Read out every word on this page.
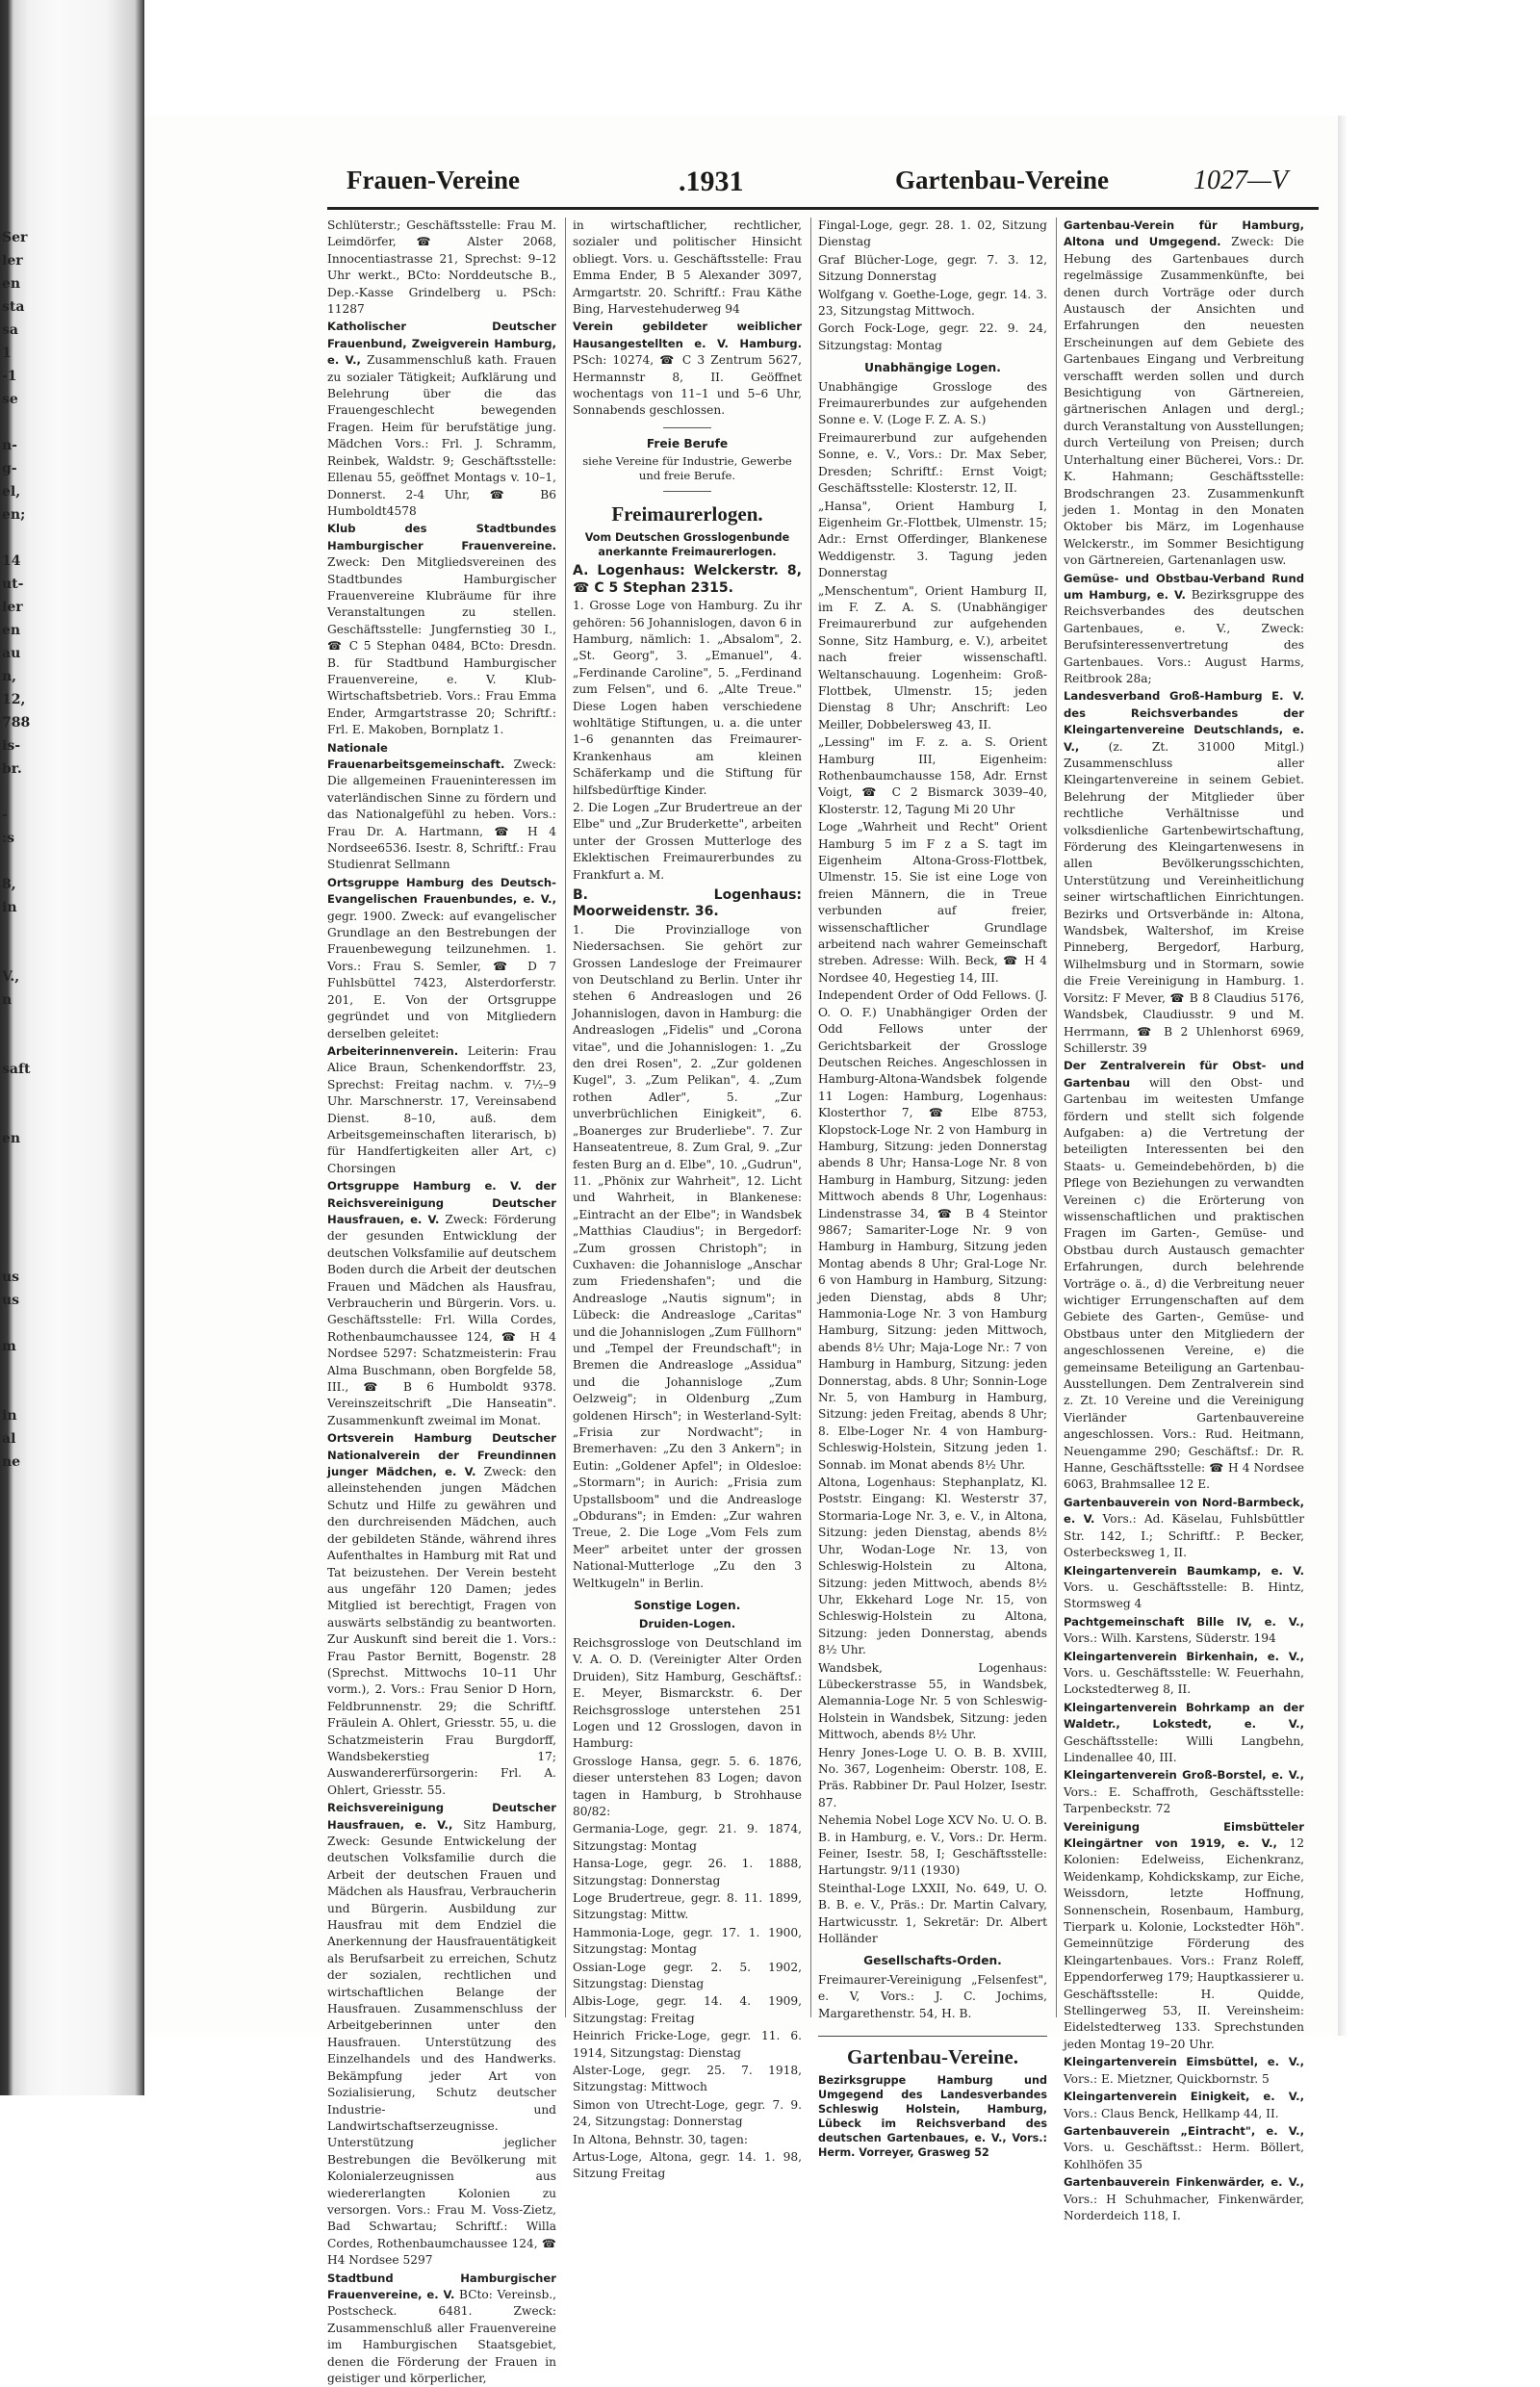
Ser
ler
en
sta
sa
1
-1
se

n-
g-
el,
en;

14
ut-
ler
en
au
n,
12,
788
is-
br.

-
:s

8,
in

V.,
n

saft

en

us
us

m

in
al
ne

Frauen-Vereine	.1931	Gartenbau-Vereine	1027—V

Schlüterstr.; Geschäftsstelle: Frau M. Leimdörfer, ☎ Alster 2068, Innocentiastrasse 21, Sprechst: 9–12 Uhr werkt., BCto: Norddeutsche B., Dep.-Kasse Grindelberg u. PSch: 11287

Katholischer Deutscher Frauenbund, Zweigverein Hamburg, e. V., Zusammenschluß kath. Frauen zu sozialer Tätigkeit; Aufklärung und Belehrung über die das Frauengeschlecht bewegenden Fragen. Heim für berufstätige jung. Mädchen Vors.: Frl. J. Schramm, Reinbek, Waldstr. 9; Geschäftsstelle: Ellenau 55, geöffnet Montags v. 10–1, Donnerst. 2-4 Uhr, ☎ B6 Humboldt4578

Klub des Stadtbundes Hamburgischer Frauenvereine. Zweck: Den Mitgliedsvereinen des Stadtbundes Hamburgischer Frauenvereine Klubräume für ihre Veranstaltungen zu stellen. Geschäftsstelle: Jungfernstieg 30 I., ☎ C 5 Stephan 0484, BCto: Dresdn. B. für Stadtbund Hamburgischer Frauenvereine, e. V. Klub-Wirtschaftsbetrieb. Vors.: Frau Emma Ender, Armgartstrasse 20; Schriftf.: Frl. E. Makoben, Bornplatz 1.

Nationale Frauenarbeitsgemeinschaft. Zweck: Die allgemeinen Fraueninteressen im vaterländischen Sinne zu fördern und das Nationalgefühl zu heben. Vors.: Frau Dr. A. Hartmann, ☎ H 4 Nordsee6536. Isestr. 8, Schriftf.: Frau Studienrat Sellmann

Ortsgruppe Hamburg des Deutsch-Evangelischen Frauenbundes, e. V., gegr. 1900. Zweck: auf evangelischer Grundlage an den Bestrebungen der Frauenbewegung teilzunehmen. 1. Vors.: Frau S. Semler, ☎ D 7 Fuhlsbüttel 7423, Alsterdorferstr. 201, E. Von der Ortsgruppe gegründet und von Mitgliedern derselben geleitet:

Arbeiterinnenverein. Leiterin: Frau Alice Braun, Schenkendorffstr. 23, Sprechst: Freitag nachm. v. 7½–9 Uhr. Marschnerstr. 17, Vereinsabend Dienst. 8–10, auß. dem Arbeitsgemeinschaften literarisch, b) für Handfertigkeiten aller Art, c) Chorsingen

Ortsgruppe Hamburg e. V. der Reichsvereinigung Deutscher Hausfrauen, e. V. Zweck: Förderung der gesunden Entwicklung der deutschen Volksfamilie auf deutschem Boden durch die Arbeit der deutschen Frauen und Mädchen als Hausfrau, Verbraucherin und Bürgerin. Vors. u. Geschäftsstelle: Frl. Willa Cordes, Rothenbaumchaussee 124, ☎ H 4 Nordsee 5297: Schatzmeisterin: Frau Alma Buschmann, oben Borgfelde 58, III., ☎ B 6 Humboldt 9378. Vereinszeitschrift „Die Hanseatin". Zusammenkunft zweimal im Monat.

Ortsverein Hamburg Deutscher Nationalverein der Freundinnen junger Mädchen, e. V. Zweck: den alleinstehenden jungen Mädchen Schutz und Hilfe zu gewähren und den durchreisenden Mädchen, auch der gebildeten Stände, während ihres Aufenthaltes in Hamburg mit Rat und Tat beizustehen. Der Verein besteht aus ungefähr 120 Damen; jedes Mitglied ist berechtigt, Fragen von auswärts selbständig zu beantworten. Zur Auskunft sind bereit die 1. Vors.: Frau Pastor Bernitt, Bogenstr. 28 (Sprechst. Mittwochs 10–11 Uhr vorm.), 2. Vors.: Frau Senior D Horn, Feldbrunnenstr. 29; die Schriftf. Fräulein A. Ohlert, Griesstr. 55, u. die Schatzmeisterin Frau Burgdorff, Wandsbekerstieg 17; Auswandererfürsorgerin: Frl. A. Ohlert, Griesstr. 55.

Reichsvereinigung Deutscher Hausfrauen, e. V., Sitz Hamburg, Zweck: Gesunde Entwickelung der deutschen Volksfamilie durch die Arbeit der deutschen Frauen und Mädchen als Hausfrau, Verbraucherin und Bürgerin. Ausbildung zur Hausfrau mit dem Endziel die Anerkennung der Hausfrauentätigkeit als Berufsarbeit zu erreichen, Schutz der sozialen, rechtlichen und wirtschaftlichen Belange der Hausfrauen. Zusammenschluss der Arbeitgeberinnen unter den Hausfrauen. Unterstützung des Einzelhandels und des Handwerks. Bekämpfung jeder Art von Sozialisierung, Schutz deutscher Industrie- und Landwirtschaftserzeugnisse. Unterstützung jeglicher Bestrebungen die Bevölkerung mit Kolonialerzeugnissen aus wiedererlangten Kolonien zu versorgen. Vors.: Frau M. Voss-Zietz, Bad Schwartau; Schriftf.: Willa Cordes, Rothenbaumchaussee 124, ☎ H4 Nordsee 5297

Stadtbund Hamburgischer Frauenvereine, e. V. BCto: Vereinsb., Postscheck. 6481. Zweck: Zusammenschluß aller Frauenvereine im Hamburgischen Staatsgebiet, denen die Förderung der Frauen in geistiger und körperlicher,

in wirtschaftlicher, rechtlicher, sozialer und politischer Hinsicht obliegt. Vors. u. Geschäftsstelle: Frau Emma Ender, B 5 Alexander 3097, Armgartstr. 20. Schriftf.: Frau Käthe Bing, Harvestehuderweg 94

Verein gebildeter weiblicher Hausangestellten e. V. Hamburg. PSch: 10274, ☎ C 3 Zentrum 5627, Hermannstr 8, II. Geöffnet wochentags von 11–1 und 5–6 Uhr, Sonnabends geschlossen.

Freie Berufe
siehe Vereine für Industrie, Gewerbe und freie Berufe.
Freimaurerlogen.
Vom Deutschen Grosslogenbunde anerkannte Freimaurerlogen.

A. Logenhaus: Welckerstr. 8, ☎ C 5 Stephan 2315.

1. Grosse Loge von Hamburg. Zu ihr gehören: 56 Johannislogen, davon 6 in Hamburg, nämlich: 1. „Absalom", 2. „St. Georg", 3. „Emanuel", 4. „Ferdinande Caroline", 5. „Ferdinand zum Felsen", und 6. „Alte Treue." Diese Logen haben verschiedene wohltätige Stiftungen, u. a. die unter 1–6 genannten das Freimaurer-Krankenhaus am kleinen Schäferkamp und die Stiftung für hilfsbedürftige Kinder.

2. Die Logen „Zur Brudertreue an der Elbe" und „Zur Bruderkette", arbeiten unter der Grossen Mutterloge des Eklektischen Freimaurerbundes zu Frankfurt a. M.

B. Logenhaus: Moorweidenstr. 36.

1. Die Provinzialloge von Niedersachsen. Sie gehört zur Grossen Landesloge der Freimaurer von Deutschland zu Berlin. Unter ihr stehen 6 Andreaslogen und 26 Johannislogen, davon in Hamburg: die Andreaslogen „Fidelis" und „Corona vitae", und die Johannislogen: 1. „Zu den drei Rosen", 2. „Zur goldenen Kugel", 3. „Zum Pelikan", 4. „Zum rothen Adler", 5. „Zur unverbrüchlichen Einigkeit", 6. „Boanerges zur Bruderliebe". 7. Zur Hanseatentreue, 8. Zum Gral, 9. „Zur festen Burg an d. Elbe", 10. „Gudrun", 11. „Phönix zur Wahrheit", 12. Licht und Wahrheit, in Blankenese: „Eintracht an der Elbe"; in Wandsbek „Matthias Claudius"; in Bergedorf: „Zum grossen Christoph"; in Cuxhaven: die Johannisloge „Anschar zum Friedenshafen"; und die Andreasloge „Nautis signum"; in Lübeck: die Andreasloge „Caritas" und die Johannislogen „Zum Füllhorn" und „Tempel der Freundschaft"; in Bremen die Andreasloge „Assidua" und die Johannisloge „Zum Oelzweig"; in Oldenburg „Zum goldenen Hirsch"; in Westerland-Sylt: „Frisia zur Nordwacht"; in Bremerhaven: „Zu den 3 Ankern"; in Eutin: „Goldener Apfel"; in Oldesloe: „Stormarn"; in Aurich: „Frisia zum Upstallsboom" und die Andreasloge „Obdurans"; in Emden: „Zur wahren Treue, 2. Die Loge „Vom Fels zum Meer" arbeitet unter der grossen National-Mutterloge „Zu den 3 Weltkugeln" in Berlin.

Sonstige Logen.
Druiden-Logen.

Reichsgrossloge von Deutschland im V. A. O. D. (Vereinigter Alter Orden Druiden), Sitz Hamburg, Geschäftsf.: E. Meyer, Bismarckstr. 6. Der Reichsgrossloge unterstehen 251 Logen und 12 Grosslogen, davon in Hamburg:

Grossloge Hansa, gegr. 5. 6. 1876, dieser unterstehen 83 Logen; davon tagen in Hamburg, b Strohhause 80/82:

Germania-Loge, gegr. 21. 9. 1874, Sitzungstag: Montag

Hansa-Loge, gegr. 26. 1. 1888, Sitzungstag: Donnerstag

Loge Brudertreue, gegr. 8. 11. 1899, Sitzungstag: Mittw.

Hammonia-Loge, gegr. 17. 1. 1900, Sitzungstag: Montag

Ossian-Loge gegr. 2. 5. 1902, Sitzungstag: Dienstag

Albis-Loge, gegr. 14. 4. 1909, Sitzungstag: Freitag

Heinrich Fricke-Loge, gegr. 11. 6. 1914, Sitzungstag: Dienstag

Alster-Loge, gegr. 25. 7. 1918, Sitzungstag: Mittwoch

Simon von Utrecht-Loge, gegr. 7. 9. 24, Sitzungstag: Donnerstag

In Altona, Behnstr. 30, tagen:

Artus-Loge, Altona, gegr. 14. 1. 98, Sitzung Freitag

Fingal-Loge, gegr. 28. 1. 02, Sitzung Dienstag

Graf Blücher-Loge, gegr. 7. 3. 12, Sitzung Donnerstag

Wolfgang v. Goethe-Loge, gegr. 14. 3. 23, Sitzungstag Mittwoch.

Gorch Fock-Loge, gegr. 22. 9. 24, Sitzungstag: Montag

Unabhängige Logen.

Unabhängige Grossloge des Freimaurerbundes zur aufgehenden Sonne e. V. (Loge F. Z. A. S.)

Freimaurerbund zur aufgehenden Sonne, e. V., Vors.: Dr. Max Seber, Dresden; Schriftf.: Ernst Voigt; Geschäftsstelle: Klosterstr. 12, II.

„Hansa", Orient Hamburg I, Eigenheim Gr.-Flottbek, Ulmenstr. 15; Adr.: Ernst Offerdinger, Blankenese Weddigenstr. 3. Tagung jeden Donnerstag

„Menschentum", Orient Hamburg II, im F. Z. A. S. (Unabhängiger Freimaurerbund zur aufgehenden Sonne, Sitz Hamburg, e. V.), arbeitet nach freier wissenschaftl. Weltanschauung. Logenheim: Groß-Flottbek, Ulmenstr. 15; jeden Dienstag 8 Uhr; Anschrift: Leo Meiller, Dobbelersweg 43, II.

„Lessing" im F. z. a. S. Orient Hamburg III, Eigenheim: Rothenbaumchausse 158, Adr. Ernst Voigt, ☎ C 2 Bismarck 3039–40, Klosterstr. 12, Tagung Mi 20 Uhr

Loge „Wahrheit und Recht" Orient Hamburg 5 im F z a S. tagt im Eigenheim Altona-Gross-Flottbek, Ulmenstr. 15. Sie ist eine Loge von freien Männern, die in Treue verbunden auf freier, wissenschaftlicher Grundlage arbeitend nach wahrer Gemeinschaft streben. Adresse: Wilh. Beck, ☎ H 4 Nordsee 40, Hegestieg 14, III.

Independent Order of Odd Fellows. (J. O. O. F.) Unabhängiger Orden der Odd Fellows unter der Gerichtsbarkeit der Grossloge Deutschen Reiches. Angeschlossen in Hamburg-Altona-Wandsbek folgende 11 Logen: Hamburg, Logenhaus: Klosterthor 7, ☎ Elbe 8753, Klopstock-Loge Nr. 2 von Hamburg in Hamburg, Sitzung: jeden Donnerstag abends 8 Uhr; Hansa-Loge Nr. 8 von Hamburg in Hamburg, Sitzung: jeden Mittwoch abends 8 Uhr, Logenhaus: Lindenstrasse 34, ☎ B 4 Steintor 9867; Samariter-Loge Nr. 9 von Hamburg in Hamburg, Sitzung jeden Montag abends 8 Uhr; Gral-Loge Nr. 6 von Hamburg in Hamburg, Sitzung: jeden Dienstag, abds 8 Uhr; Hammonia-Loge Nr. 3 von Hamburg Hamburg, Sitzung: jeden Mittwoch, abends 8½ Uhr; Maja-Loge Nr.: 7 von Hamburg in Hamburg, Sitzung: jeden Donnerstag, abds. 8 Uhr; Sonnin-Loge Nr. 5, von Hamburg in Hamburg, Sitzung: jeden Freitag, abends 8 Uhr; 8. Elbe-Loger Nr. 4 von Hamburg-Schleswig-Holstein, Sitzung jeden 1. Sonnab. im Monat abends 8½ Uhr.

Altona, Logenhaus: Stephanplatz, Kl. Poststr. Eingang: Kl. Westerstr 37, Stormaria-Loge Nr. 3, e. V., in Altona, Sitzung: jeden Dienstag, abends 8½ Uhr, Wodan-Loge Nr. 13, von Schleswig-Holstein zu Altona, Sitzung: jeden Mittwoch, abends 8½ Uhr, Ekkehard Loge Nr. 15, von Schleswig-Holstein zu Altona, Sitzung: jeden Donnerstag, abends 8½ Uhr.

Wandsbek, Logenhaus: Lübeckerstrasse 55, in Wandsbek, Alemannia-Loge Nr. 5 von Schleswig-Holstein in Wandsbek, Sitzung: jeden Mittwoch, abends 8½ Uhr.

Henry Jones-Loge U. O. B. B. XVIII, No. 367, Logenheim: Oberstr. 108, E. Präs. Rabbiner Dr. Paul Holzer, Isestr. 87.

Nehemia Nobel Loge XCV No. U. O. B. B. in Hamburg, e. V., Vors.: Dr. Herm. Feiner, Isestr. 58, I; Geschäftsstelle: Hartungstr. 9/11 (1930)

Steinthal-Loge LXXII, No. 649, U. O. B. B. e. V., Präs.: Dr. Martin Calvary, Hartwicusstr. 1, Sekretär: Dr. Albert Holländer

Gesellschafts-Orden.

Freimaurer-Vereinigung „Felsenfest", e. V, Vors.: J. C. Jochims, Margarethenstr. 54, H. B.

Gartenbau-Vereine.
Bezirksgruppe Hamburg und Umgegend des Landesverbandes Schleswig Holstein, Hamburg, Lübeck im Reichsverband des deutschen Gartenbaues, e. V., Vors.: Herm. Vorreyer, Grasweg 52

Gartenbau-Verein für Hamburg, Altona und Umgegend. Zweck: Die Hebung des Gartenbaues durch regelmässige Zusammenkünfte, bei denen durch Vorträge oder durch Austausch der Ansichten und Erfahrungen den neuesten Erscheinungen auf dem Gebiete des Gartenbaues Eingang und Verbreitung verschafft werden sollen und durch Besichtigung von Gärtnereien, gärtnerischen Anlagen und dergl.; durch Veranstaltung von Ausstellungen; durch Verteilung von Preisen; durch Unterhaltung einer Bücherei, Vors.: Dr. K. Hahmann; Geschäftsstelle: Brodschrangen 23. Zusammenkunft jeden 1. Montag in den Monaten Oktober bis März, im Logenhause Welckerstr., im Sommer Besichtigung von Gärtnereien, Gartenanlagen usw.

Gemüse- und Obstbau-Verband Rund um Hamburg, e. V. Bezirksgruppe des Reichsverbandes des deutschen Gartenbaues, e. V., Zweck: Berufsinteressenvertretung des Gartenbaues. Vors.: August Harms, Reitbrook 28a;

Landesverband Groß-Hamburg E. V. des Reichsverbandes der Kleingartenvereine Deutschlands, e. V., (z. Zt. 31000 Mitgl.) Zusammenschluss aller Kleingartenvereine in seinem Gebiet. Belehrung der Mitglieder über rechtliche Verhältnisse und volksdienliche Gartenbewirtschaftung, Förderung des Kleingartenwesens in allen Bevölkerungsschichten, Unterstützung und Vereinheitlichung seiner wirtschaftlichen Einrichtungen. Bezirks und Ortsverbände in: Altona, Wandsbek, Waltershof, im Kreise Pinneberg, Bergedorf, Harburg, Wilhelmsburg und in Stormarn, sowie die Freie Vereinigung in Hamburg. 1. Vorsitz: F Mever, ☎ B 8 Claudius 5176, Wandsbek, Claudiusstr. 9 und M. Herrmann, ☎ B 2 Uhlenhorst 6969, Schillerstr. 39

Der Zentralverein für Obst- und Gartenbau will den Obst- und Gartenbau im weitesten Umfange fördern und stellt sich folgende Aufgaben: a) die Vertretung der beteiligten Interessenten bei den Staats- u. Gemeindebehörden, b) die Pflege von Beziehungen zu verwandten Vereinen c) die Erörterung von wissenschaftlichen und praktischen Fragen im Garten-, Gemüse- und Obstbau durch Austausch gemachter Erfahrungen, durch belehrende Vorträge o. ä., d) die Verbreitung neuer wichtiger Errungenschaften auf dem Gebiete des Garten-, Gemüse- und Obstbaus unter den Mitgliedern der angeschlossenen Vereine, e) die gemeinsame Beteiligung an Gartenbau-Ausstellungen. Dem Zentralverein sind z. Zt. 10 Vereine und die Vereinigung Vierländer Gartenbauvereine angeschlossen. Vors.: Rud. Heitmann, Neuengamme 290; Geschäftsf.: Dr. R. Hanne, Geschäftsstelle: ☎ H 4 Nordsee 6063, Brahmsallee 12 E.

Gartenbauverein von Nord-Barmbeck, e. V. Vors.: Ad. Käselau, Fuhlsbüttler Str. 142, I.; Schriftf.: P. Becker, Osterbecksweg 1, II.

Kleingartenverein Baumkamp, e. V. Vors. u. Geschäftsstelle: B. Hintz, Stormsweg 4

Pachtgemeinschaft Bille IV, e. V., Vors.: Wilh. Karstens, Süderstr. 194

Kleingartenverein Birkenhain, e. V., Vors. u. Geschäftsstelle: W. Feuerhahn, Lockstedterweg 8, II.

Kleingartenverein Bohrkamp an der Waldetr., Lokstedt, e. V., Geschäftsstelle: Willi Langbehn, Lindenallee 40, III.

Kleingartenverein Groß-Borstel, e. V., Vors.: E. Schaffroth, Geschäftsstelle: Tarpenbeckstr. 72

Vereinigung Eimsbütteler Kleingärtner von 1919, e. V., 12 Kolonien: Edelweiss, Eichenkranz, Weidenkamp, Kohdickskamp, zur Eiche, Weissdorn, letzte Hoffnung, Sonnenschein, Rosenbaum, Hamburg, Tierpark u. Kolonie, Lockstedter Höh". Gemeinnützige Förderung des Kleingartenbaues. Vors.: Franz Roleff, Eppendorferweg 179; Hauptkassierer u. Geschäftsstelle: H. Quidde, Stellingerweg 53, II. Vereinsheim: Eidelstedterweg 133. Sprechstunden jeden Montag 19–20 Uhr.

Kleingartenverein Eimsbüttel, e. V., Vors.: E. Mietzner, Quickbornstr. 5

Kleingartenverein Einigkeit, e. V., Vors.: Claus Benck, Hellkamp 44, II.

Gartenbauverein „Eintracht", e. V., Vors. u. Geschäftsst.: Herm. Böllert, Kohlhöfen 35

Gartenbauverein Finkenwärder, e. V., Vors.: H Schuhmacher, Finkenwärder, Norderdeich 118, I.
